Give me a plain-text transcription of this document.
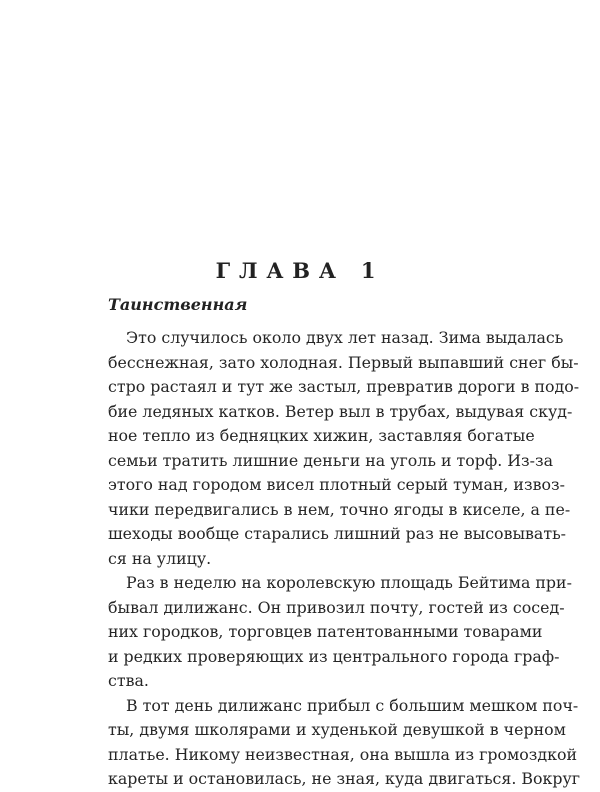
ГЛАВА 1
Таинственная
Это случилось около двух лет назад. Зима выдалась
бесснежная, зато холодная. Первый выпавший снег бы-
стро растаял и тут же застыл, превратив дороги в подо-
бие ледяных катков. Ветер выл в трубах, выдувая скуд-
ное тепло из бедняцких хижин, заставляя богатые
семьи тратить лишние деньги на уголь и торф. Из-за
этого над городом висел плотный серый туман, извоз-
чики передвигались в нем, точно ягоды в киселе, а пе-
шеходы вообще старались лишний раз не высовывать-
ся на улицу.
Раз в неделю на королевскую площадь Бейтима при-
бывал дилижанс. Он привозил почту, гостей из сосед-
них городков, торговцев патентованными товарами
и редких проверяющих из центрального города граф-
ства.
В тот день дилижанс прибыл с большим мешком поч-
ты, двумя школярами и худенькой девушкой в черном
платье. Никому неизвестная, она вышла из громоздкой
кареты и остановилась, не зная, куда двигаться. Вокруг
